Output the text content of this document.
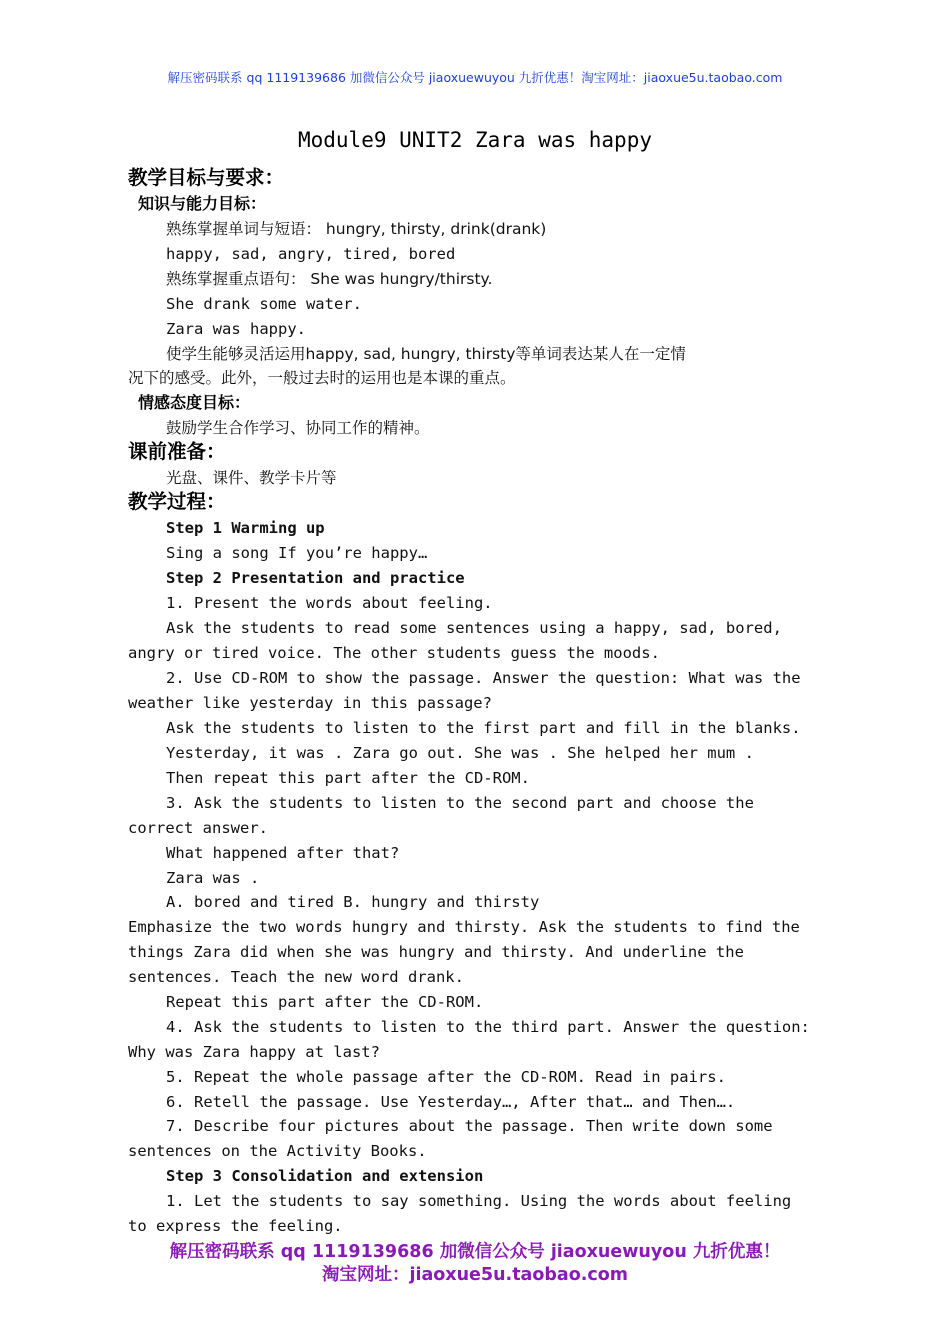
解压密码联系 qq 1119139686 加微信公众号 jiaoxuewuyou 九折优惠！淘宝网址：jiaoxue5u.taobao.com
Module9 UNIT2 Zara was happy
教学目标与要求：
知识与能力目标：
熟练掌握单词与短语： hungry, thirsty, drink(drank)
happy, sad, angry, tired, bored
熟练掌握重点语句： She was hungry/thirsty.
She drank some water.
Zara was happy.
使学生能够灵活运用happy, sad, hungry, thirsty等单词表达某人在一定情
况下的感受。此外，一般过去时的运用也是本课的重点。
情感态度目标：
鼓励学生合作学习、协同工作的精神。
课前准备：
光盘、课件、教学卡片等
教学过程：
Step 1 Warming up
Sing a song If you’re happy…
Step 2 Presentation and practice
1. Present the words about feeling.
Ask the students to read some sentences using a happy, sad, bored,
angry or tired voice. The other students guess the moods.
2. Use CD-ROM to show the passage. Answer the question: What was the
weather like yesterday in this passage?
Ask the students to listen to the first part and fill in the blanks.
Yesterday, it was . Zara go out. She was . She helped her mum .
Then repeat this part after the CD-ROM.
3. Ask the students to listen to the second part and choose the
correct answer.
What happened after that?
Zara was .
A. bored and tired B. hungry and thirsty
Emphasize the two words hungry and thirsty. Ask the students to find the
things Zara did when she was hungry and thirsty. And underline the
sentences. Teach the new word drank.
Repeat this part after the CD-ROM.
4. Ask the students to listen to the third part. Answer the question:
Why was Zara happy at last?
5. Repeat the whole passage after the CD-ROM. Read in pairs.
6. Retell the passage. Use Yesterday…, After that… and Then….
7. Describe four pictures about the passage. Then write down some
sentences on the Activity Books.
Step 3 Consolidation and extension
1. Let the students to say something. Using the words about feeling
to express the feeling.
解压密码联系 qq 1119139686 加微信公众号 jiaoxuewuyou 九折优惠！
淘宝网址：jiaoxue5u.taobao.com
